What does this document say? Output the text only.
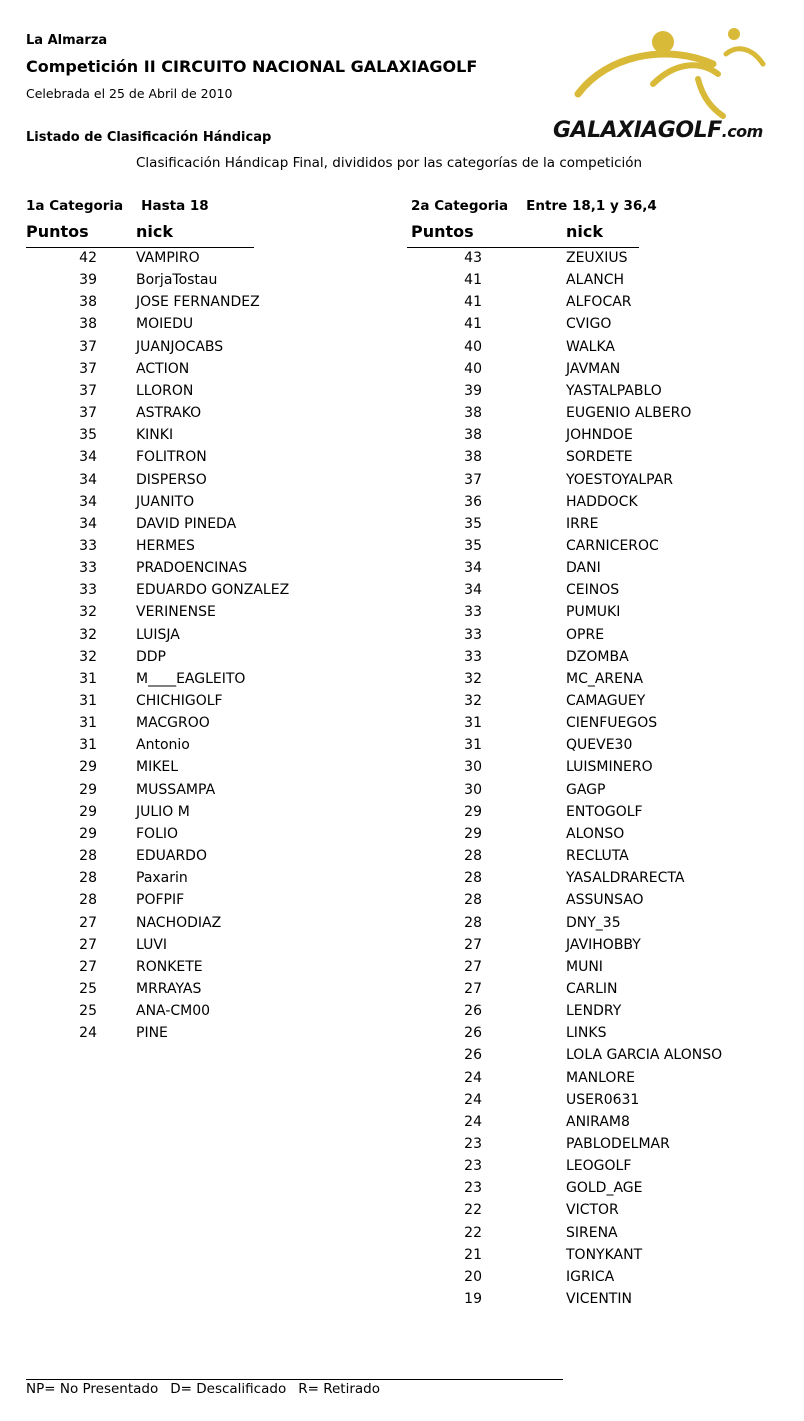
La Almarza
Competición II CIRCUITO NACIONAL GALAXIAGOLF
Celebrada el 25 de Abril de 2010
Listado de Clasificación Hándicap
Clasificación Hándicap Final, divididos por las categorías de la competición
GALAXIAGOLF.com
1a Categoria Hasta 18
Puntos	nick
2a Categoria Entre 18,1 y 36,4
Puntos	nick
42	VAMPIRO
39	BorjaTostau
38	JOSE FERNANDEZ
38	MOIEDU
37	JUANJOCABS
37	ACTION
37	LLORON
37	ASTRAKO
35	KINKI
34	FOLITRON
34	DISPERSO
34	JUANITO
34	DAVID PINEDA
33	HERMES
33	PRADOENCINAS
33	EDUARDO GONZALEZ
32	VERINENSE
32	LUISJA
32	DDP
31	M____EAGLEITO
31	CHICHIGOLF
31	MACGROO
31	Antonio
29	MIKEL
29	MUSSAMPA
29	JULIO M
29	FOLIO
28	EDUARDO
28	Paxarin
28	POFPIF
27	NACHODIAZ
27	LUVI
27	RONKETE
25	MRRAYAS
25	ANA-CM00
24	PINE
43	ZEUXIUS
41	ALANCH
41	ALFOCAR
41	CVIGO
40	WALKA
40	JAVMAN
39	YASTALPABLO
38	EUGENIO ALBERO
38	JOHNDOE
38	SORDETE
37	YOESTOYALPAR
36	HADDOCK
35	IRRE
35	CARNICEROC
34	DANI
34	CEINOS
33	PUMUKI
33	OPRE
33	DZOMBA
32	MC_ARENA
32	CAMAGUEY
31	CIENFUEGOS
31	QUEVE30
30	LUISMINERO
30	GAGP
29	ENTOGOLF
29	ALONSO
28	RECLUTA
28	YASALDRARECTA
28	ASSUNSAO
28	DNY_35
27	JAVIHOBBY
27	MUNI
27	CARLIN
26	LENDRY
26	LINKS
26	LOLA GARCIA ALONSO
24	MANLORE
24	USER0631
24	ANIRAM8
23	PABLODELMAR
23	LEOGOLF
23	GOLD_AGE
22	VICTOR
22	SIRENA
21	TONYKANT
20	IGRICA
19	VICENTIN
NP= No Presentado D= Descalificado R= Retirado
